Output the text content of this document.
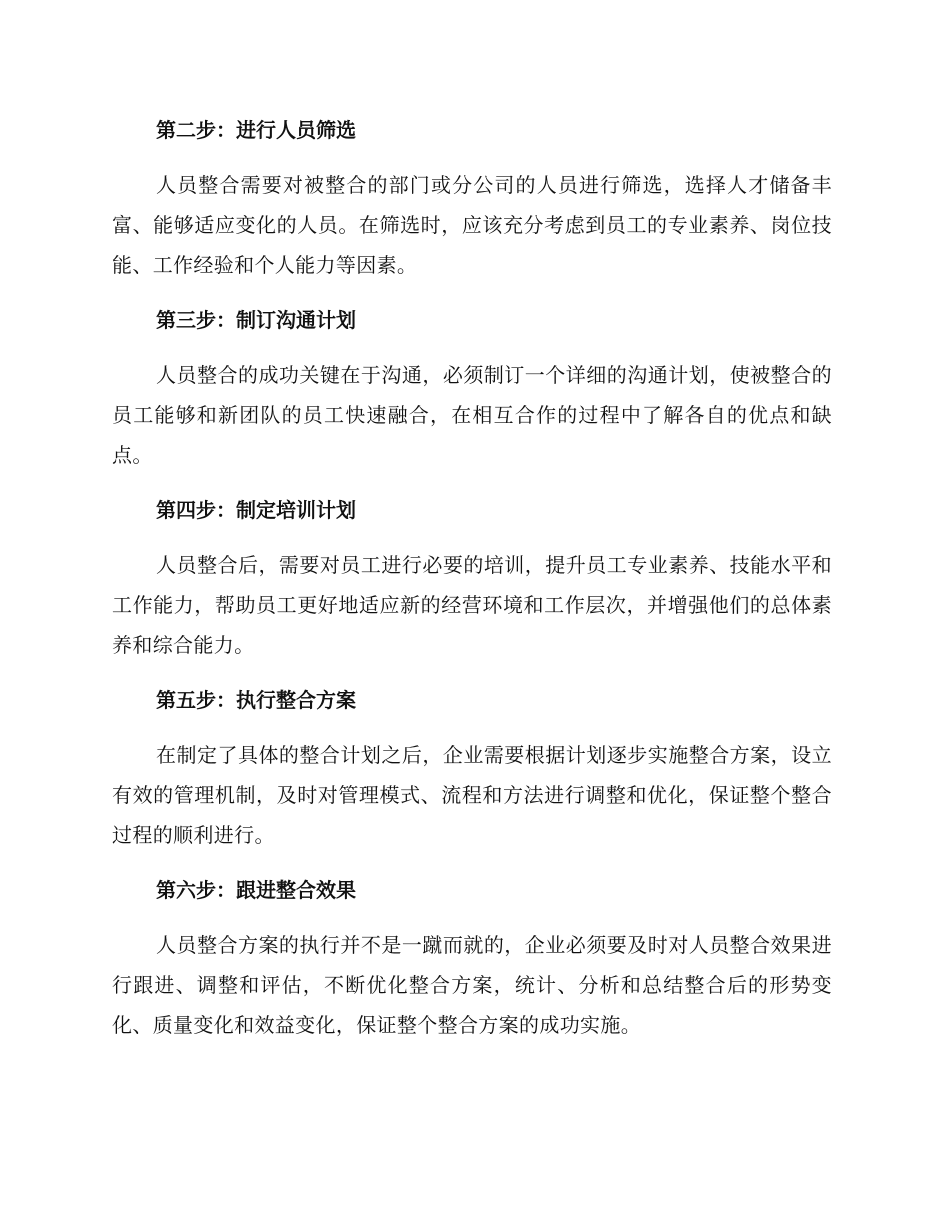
第二步：进行人员筛选

人员整合需要对被整合的部门或分公司的人员进行筛选，选择人才储备丰富、能够适应变化的人员。在筛选时，应该充分考虑到员工的专业素养、岗位技能、工作经验和个人能力等因素。

第三步：制订沟通计划

人员整合的成功关键在于沟通，必须制订一个详细的沟通计划，使被整合的员工能够和新团队的员工快速融合，在相互合作的过程中了解各自的优点和缺点。

第四步：制定培训计划

人员整合后，需要对员工进行必要的培训，提升员工专业素养、技能水平和工作能力，帮助员工更好地适应新的经营环境和工作层次，并增强他们的总体素养和综合能力。

第五步：执行整合方案

在制定了具体的整合计划之后，企业需要根据计划逐步实施整合方案，设立有效的管理机制，及时对管理模式、流程和方法进行调整和优化，保证整个整合过程的顺利进行。

第六步：跟进整合效果

人员整合方案的执行并不是一蹴而就的，企业必须要及时对人员整合效果进行跟进、调整和评估，不断优化整合方案，统计、分析和总结整合后的形势变化、质量变化和效益变化，保证整个整合方案的成功实施。
